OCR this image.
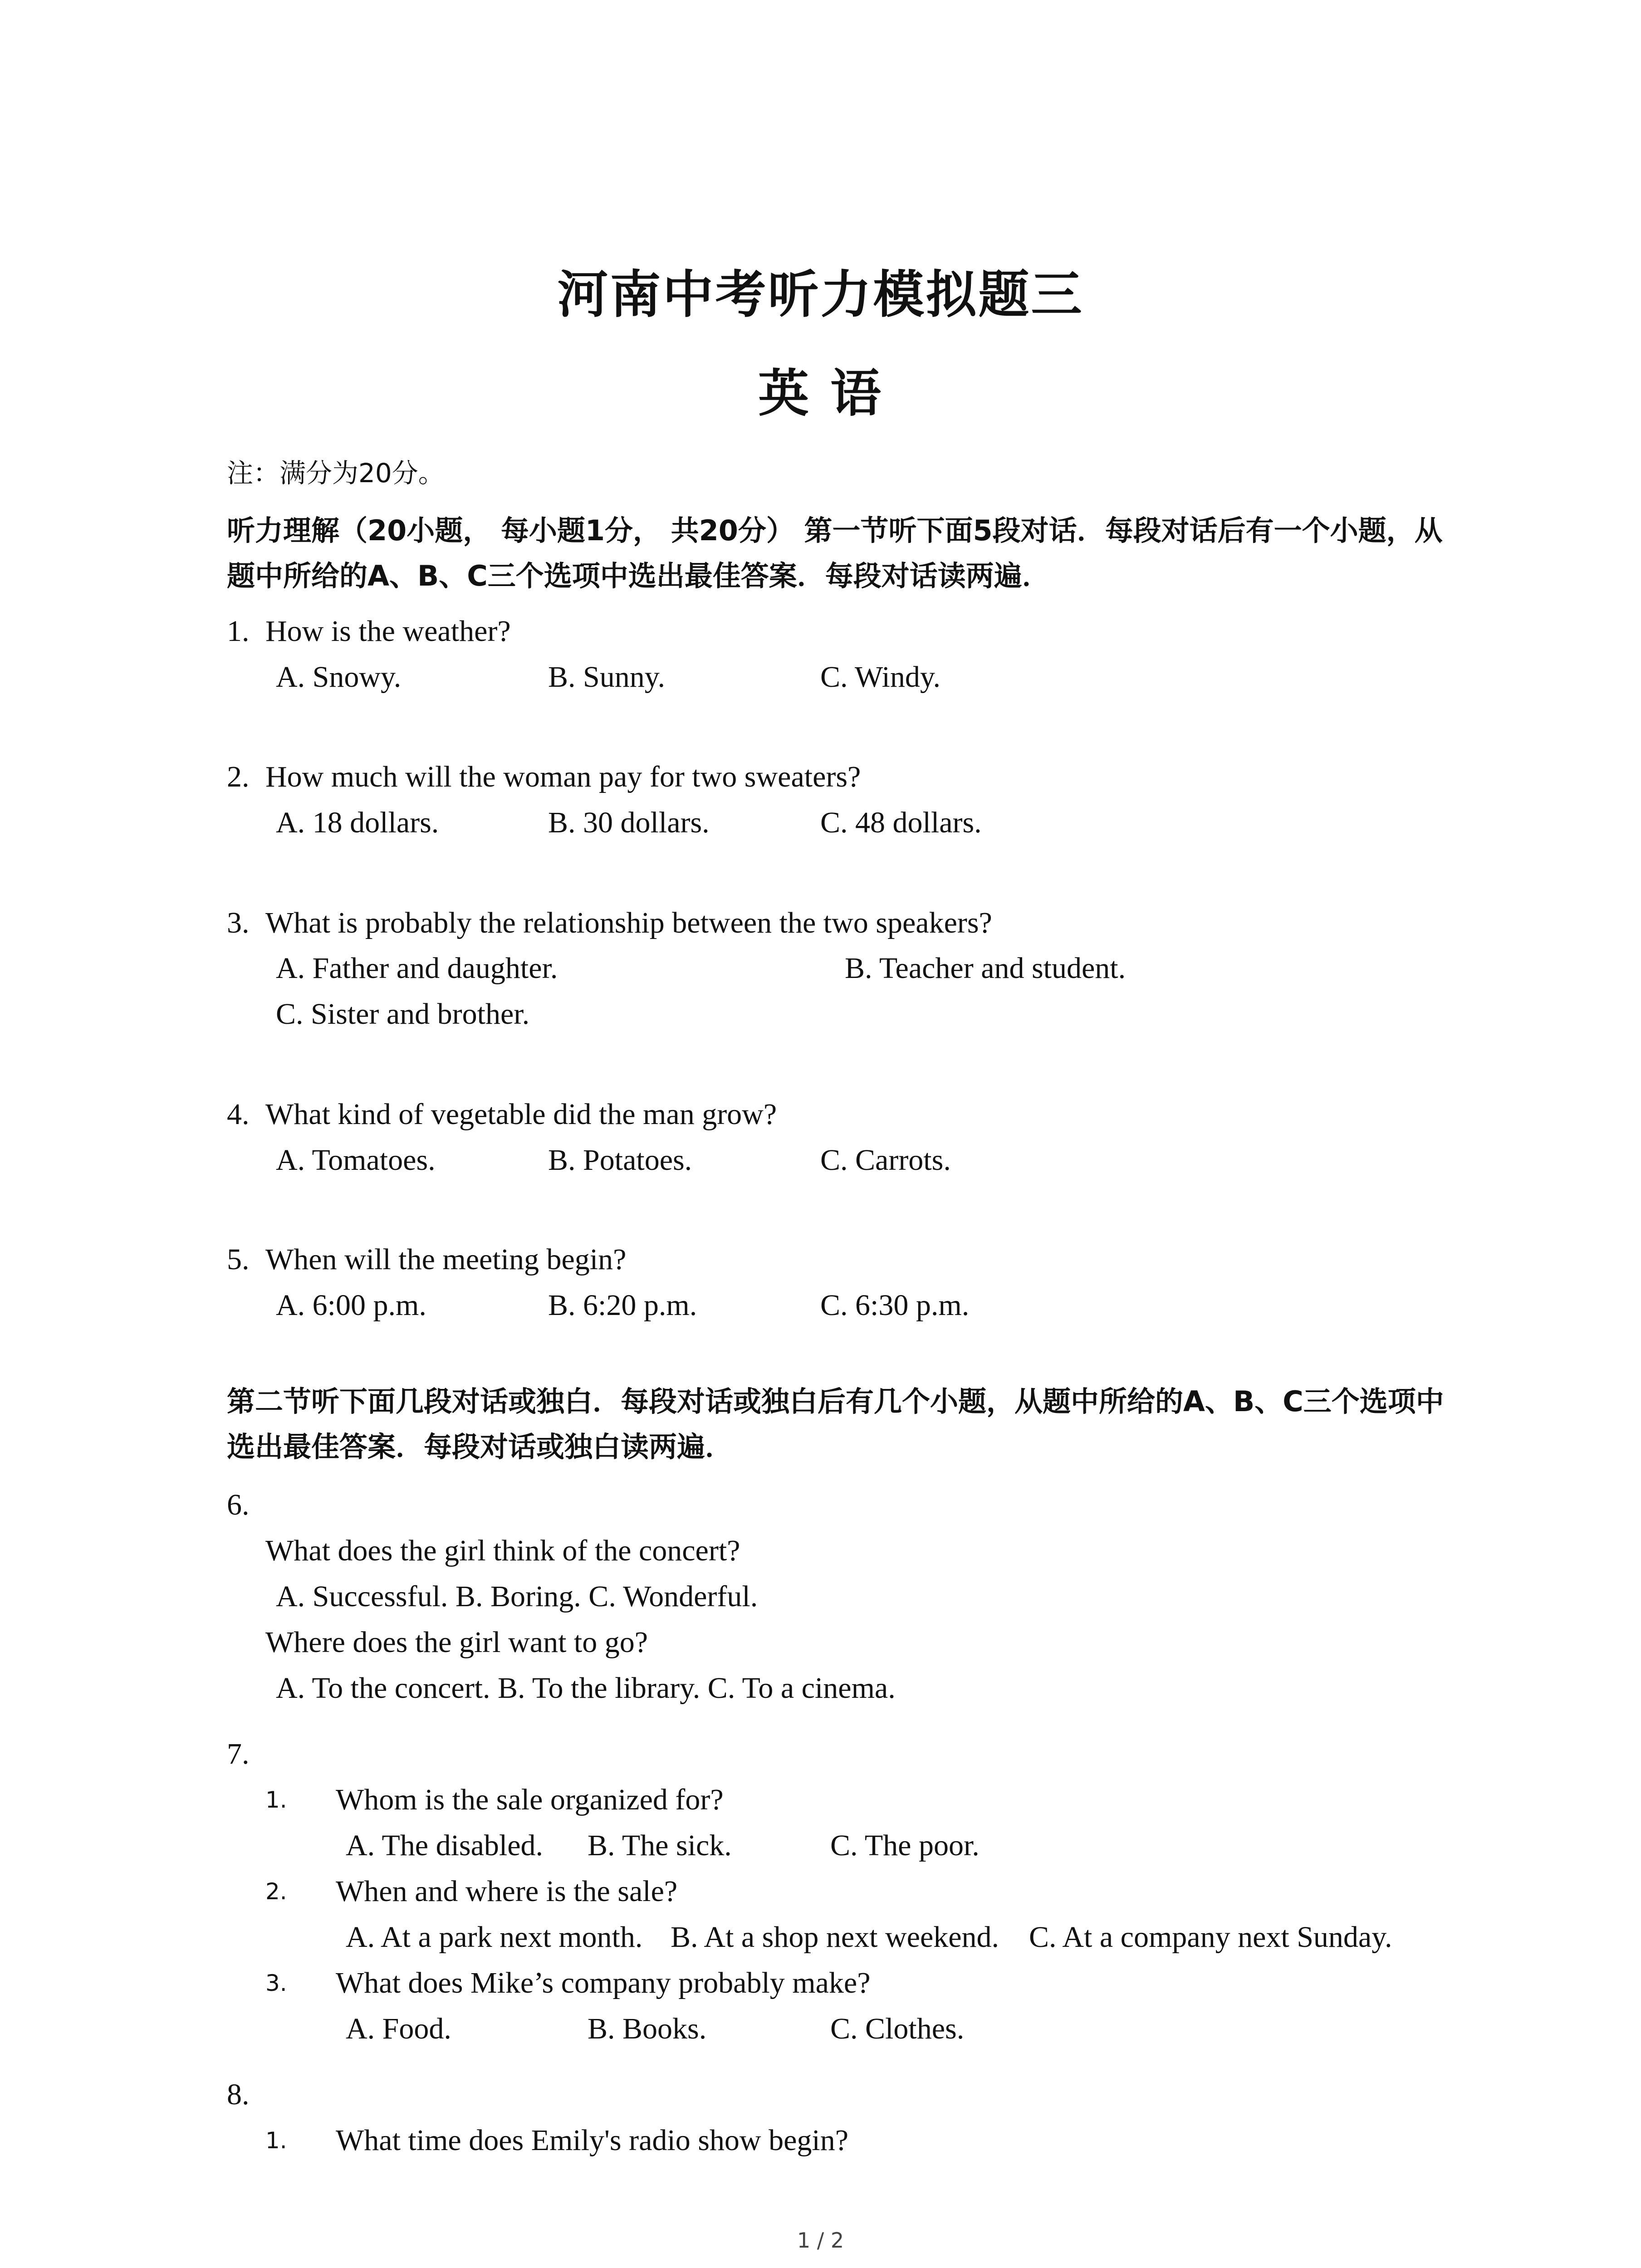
河南中考听力模拟题三
英 语
注：满分为20分。
听力理解（20小题， 每小题1分， 共20分） 第一节听下面5段对话．每段对话后有一个小题，从题中所给的A、B、C三个选项中选出最佳答案．每段对话读两遍．
1. How is the weather?
A. Snowy.	B. Sunny.	C. Windy.
2. How much will the woman pay for two sweaters?
A. 18 dollars.	B. 30 dollars.	C. 48 dollars.
3. What is probably the relationship between the two speakers?
A. Father and daughter.	B. Teacher and student.
C. Sister and brother.
4. What kind of vegetable did the man grow?
A. Tomatoes.	B. Potatoes.	C. Carrots.
5. When will the meeting begin?
A. 6:00 p.m.	B. 6:20 p.m.	C. 6:30 p.m.
第二节听下面几段对话或独白．每段对话或独白后有几个小题，从题中所给的A、B、C三个选项中选出最佳答案．每段对话或独白读两遍．
6.
What does the girl think of the concert?
A. Successful. B. Boring. C. Wonderful.
Where does the girl want to go?
A. To the concert. B. To the library. C. To a cinema.
7.
1. Whom is the sale organized for?
A. The disabled. B. The sick.	C. The poor.
2. When and where is the sale?
A. At a park next month. B. At a shop next weekend. C. At a company next Sunday.
3. What does Mike’s company probably make?
A. Food.	B. Books.	C. Clothes.
8.
1. What time does Emily's radio show begin?
1 / 2
